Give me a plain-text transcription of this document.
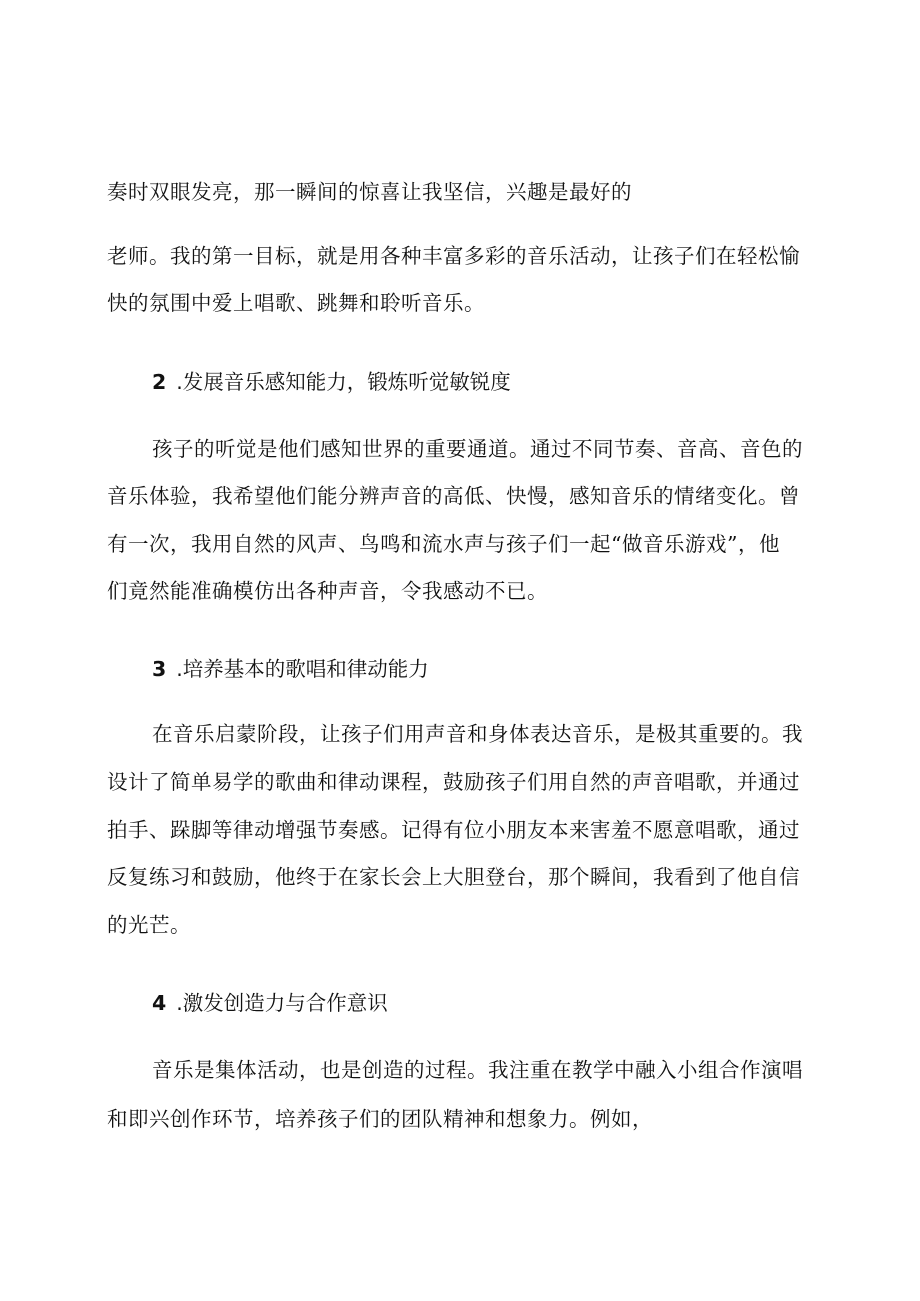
奏时双眼发亮，那一瞬间的惊喜让我坚信，兴趣是最好的
老师。我的第一目标，就是用各种丰富多彩的音乐活动，让孩子们在轻松愉
快的氛围中爱上唱歌、跳舞和聆听音乐。
2 .发展音乐感知能力，锻炼听觉敏锐度
孩子的听觉是他们感知世界的重要通道。通过不同节奏、音高、音色的
音乐体验，我希望他们能分辨声音的高低、快慢，感知音乐的情绪变化。曾
有一次，我用自然的风声、鸟鸣和流水声与孩子们一起“做音乐游戏”，他
们竟然能准确模仿出各种声音，令我感动不已。
3 .培养基本的歌唱和律动能力
在音乐启蒙阶段，让孩子们用声音和身体表达音乐，是极其重要的。我
设计了简单易学的歌曲和律动课程，鼓励孩子们用自然的声音唱歌，并通过
拍手、跺脚等律动增强节奏感。记得有位小朋友本来害羞不愿意唱歌，通过
反复练习和鼓励，他终于在家长会上大胆登台，那个瞬间，我看到了他自信
的光芒。
4 .激发创造力与合作意识
音乐是集体活动，也是创造的过程。我注重在教学中融入小组合作演唱
和即兴创作环节，培养孩子们的团队精神和想象力。例如，
